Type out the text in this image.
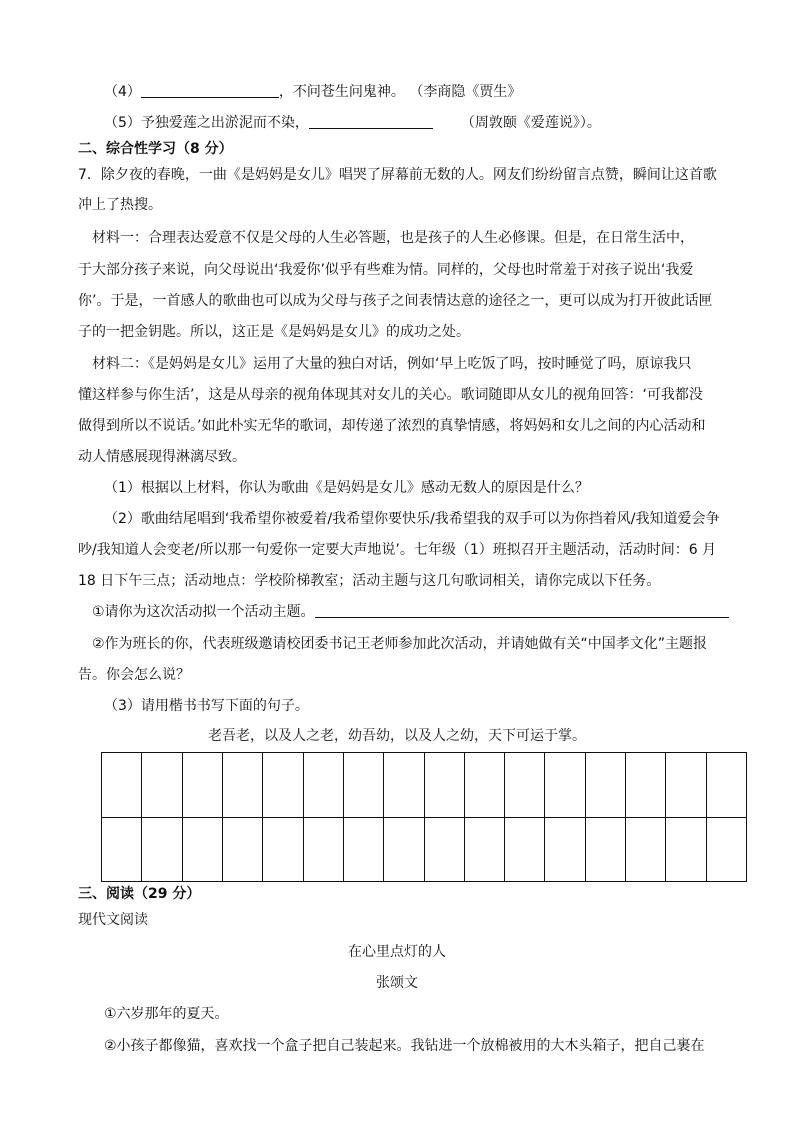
（4）	，不问苍生问鬼神。 （李商隐《贾生》
（5）予独爱莲之出淤泥而不染，	（周敦颐《爱莲说》）。
二、综合性学习（8 分）
7．除夕夜的春晚，一曲《是妈妈是女儿》唱哭了屏幕前无数的人。网友们纷纷留言点赞，瞬间让这首歌
冲上了热搜。
材料一：合理表达爱意不仅是父母的人生必答题，也是孩子的人生必修课。但是，在日常生活中，
于大部分孩子来说，向父母说出‘我爱你’似乎有些难为情。同样的，父母也时常羞于对孩子说出‘我爱
你’。于是，一首感人的歌曲也可以成为父母与孩子之间表情达意的途径之一，更可以成为打开彼此话匣
子的一把金钥匙。所以，这正是《是妈妈是女儿》的成功之处。
材料二：《是妈妈是女儿》运用了大量的独白对话，例如‘早上吃饭了吗，按时睡觉了吗，原谅我只
懂这样参与你生活’，这是从母亲的视角体现其对女儿的关心。歌词随即从女儿的视角回答：‘可我都没
做得到所以不说话。’如此朴实无华的歌词，却传递了浓烈的真挚情感，将妈妈和女儿之间的内心活动和
动人情感展现得淋漓尽致。
（1）根据以上材料，你认为歌曲《是妈妈是女儿》感动无数人的原因是什么？
（2）歌曲结尾唱到‘我希望你被爱着/我希望你要快乐/我希望我的双手可以为你挡着风/我知道爱会争
吵/我知道人会变老/所以那一句爱你一定要大声地说’。七年级（1）班拟召开主题活动，活动时间：6 月
18 日下午三点；活动地点：学校阶梯教室；活动主题与这几句歌词相关，请你完成以下任务。
①请你为这次活动拟一个活动主题。
②作为班长的你，代表班级邀请校团委书记王老师参加此次活动，并请她做有关“中国孝文化”主题报
告。你会怎么说？
（3）请用楷书书写下面的句子。
老吾老，以及人之老，幼吾幼，以及人之幼，天下可运于掌。
三、阅读（29 分）
现代文阅读
在心里点灯的人
张颂文
①六岁那年的夏天。
②小孩子都像猫，喜欢找一个盒子把自己装起来。我钻进一个放棉被用的大木头箱子，把自己裹在
